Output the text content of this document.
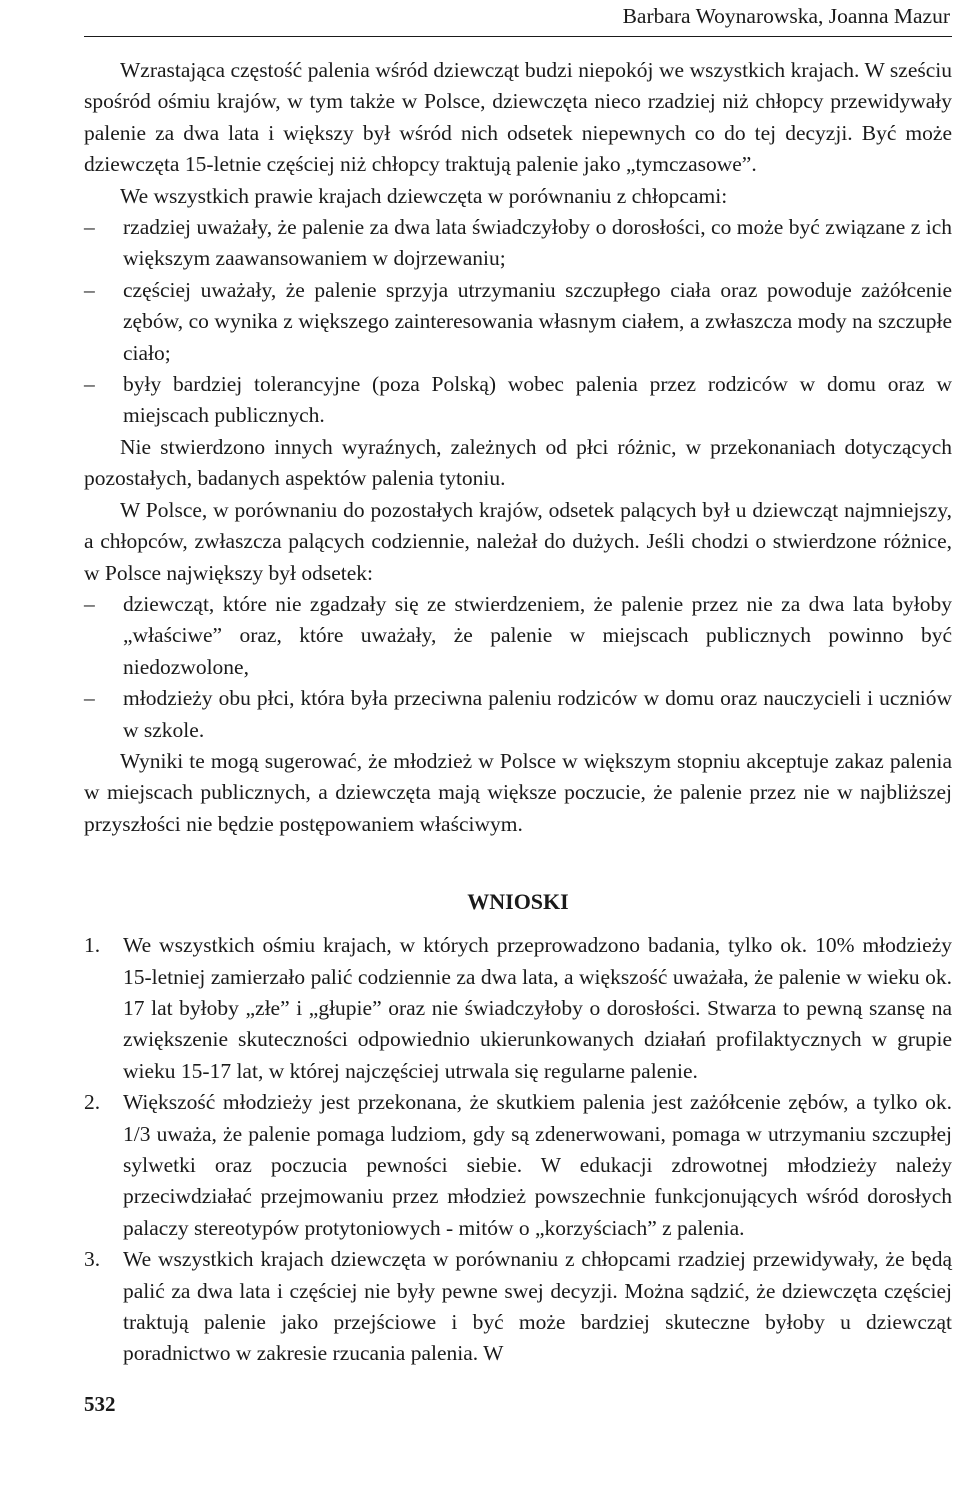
Barbara Woynarowska, Joanna Mazur

Wzrastająca częstość palenia wśród dziewcząt budzi niepokój we wszystkich krajach. W sześciu spośród ośmiu krajów, w tym także w Polsce, dziewczęta nieco rzadziej niż chłopcy przewidywały palenie za dwa lata i większy był wśród nich odsetek niepewnych co do tej decyzji. Być może dziewczęta 15-letnie częściej niż chłopcy traktują palenie jako „tymczasowe”.

We wszystkich prawie krajach dziewczęta w porównaniu z chłopcami:

– rzadziej uważały, że palenie za dwa lata świadczyłoby o dorosłości, co może być związane z ich większym zaawansowaniem w dojrzewaniu;
– częściej uważały, że palenie sprzyja utrzymaniu szczupłego ciała oraz powoduje zażółcenie zębów, co wynika z większego zainteresowania własnym ciałem, a zwłaszcza mody na szczupłe ciało;
– były bardziej tolerancyjne (poza Polską) wobec palenia przez rodziców w domu oraz w miejscach publicznych.

Nie stwierdzono innych wyraźnych, zależnych od płci różnic, w przekonaniach dotyczących pozostałych, badanych aspektów palenia tytoniu.

W Polsce, w porównaniu do pozostałych krajów, odsetek palących był u dziewcząt najmniejszy, a chłopców, zwłaszcza palących codziennie, należał do dużych. Jeśli chodzi o stwierdzone różnice, w Polsce największy był odsetek:

– dziewcząt, które nie zgadzały się ze stwierdzeniem, że palenie przez nie za dwa lata byłoby „właściwe” oraz, które uważały, że palenie w miejscach publicznych powinno być niedozwolone,
– młodzieży obu płci, która była przeciwna paleniu rodziców w domu oraz nauczycieli i uczniów w szkole.

Wyniki te mogą sugerować, że młodzież w Polsce w większym stopniu akceptuje zakaz palenia w miejscach publicznych, a dziewczęta mają większe poczucie, że palenie przez nie w najbliższej przyszłości nie będzie postępowaniem właściwym.

WNIOSKI
1. We wszystkich ośmiu krajach, w których przeprowadzono badania, tylko ok. 10% młodzieży 15-letniej zamierzało palić codziennie za dwa lata, a większość uważała, że palenie w wieku ok. 17 lat byłoby „złe” i „głupie” oraz nie świadczyłoby o dorosłości. Stwarza to pewną szansę na zwiększenie skuteczności odpowiednio ukierunkowanych działań profilaktycznych w grupie wieku 15-17 lat, w której najczęściej utrwala się regularne palenie.
2. Większość młodzieży jest przekonana, że skutkiem palenia jest zażółcenie zębów, a tylko ok. 1/3 uważa, że palenie pomaga ludziom, gdy są zdenerwowani, pomaga w utrzymaniu szczupłej sylwetki oraz poczucia pewności siebie. W edukacji zdrowotnej młodzieży należy przeciwdziałać przejmowaniu przez młodzież powszechnie funkcjonujących wśród dorosłych palaczy stereotypów protytoniowych - mitów o „korzyściach” z palenia.
3. We wszystkich krajach dziewczęta w porównaniu z chłopcami rzadziej przewidywały, że będą palić za dwa lata i częściej nie były pewne swej decyzji. Można sądzić, że dziewczęta częściej traktują palenie jako przejściowe i być może bardziej skuteczne byłoby u dziewcząt poradnictwo w zakresie rzucania palenia. W
532
